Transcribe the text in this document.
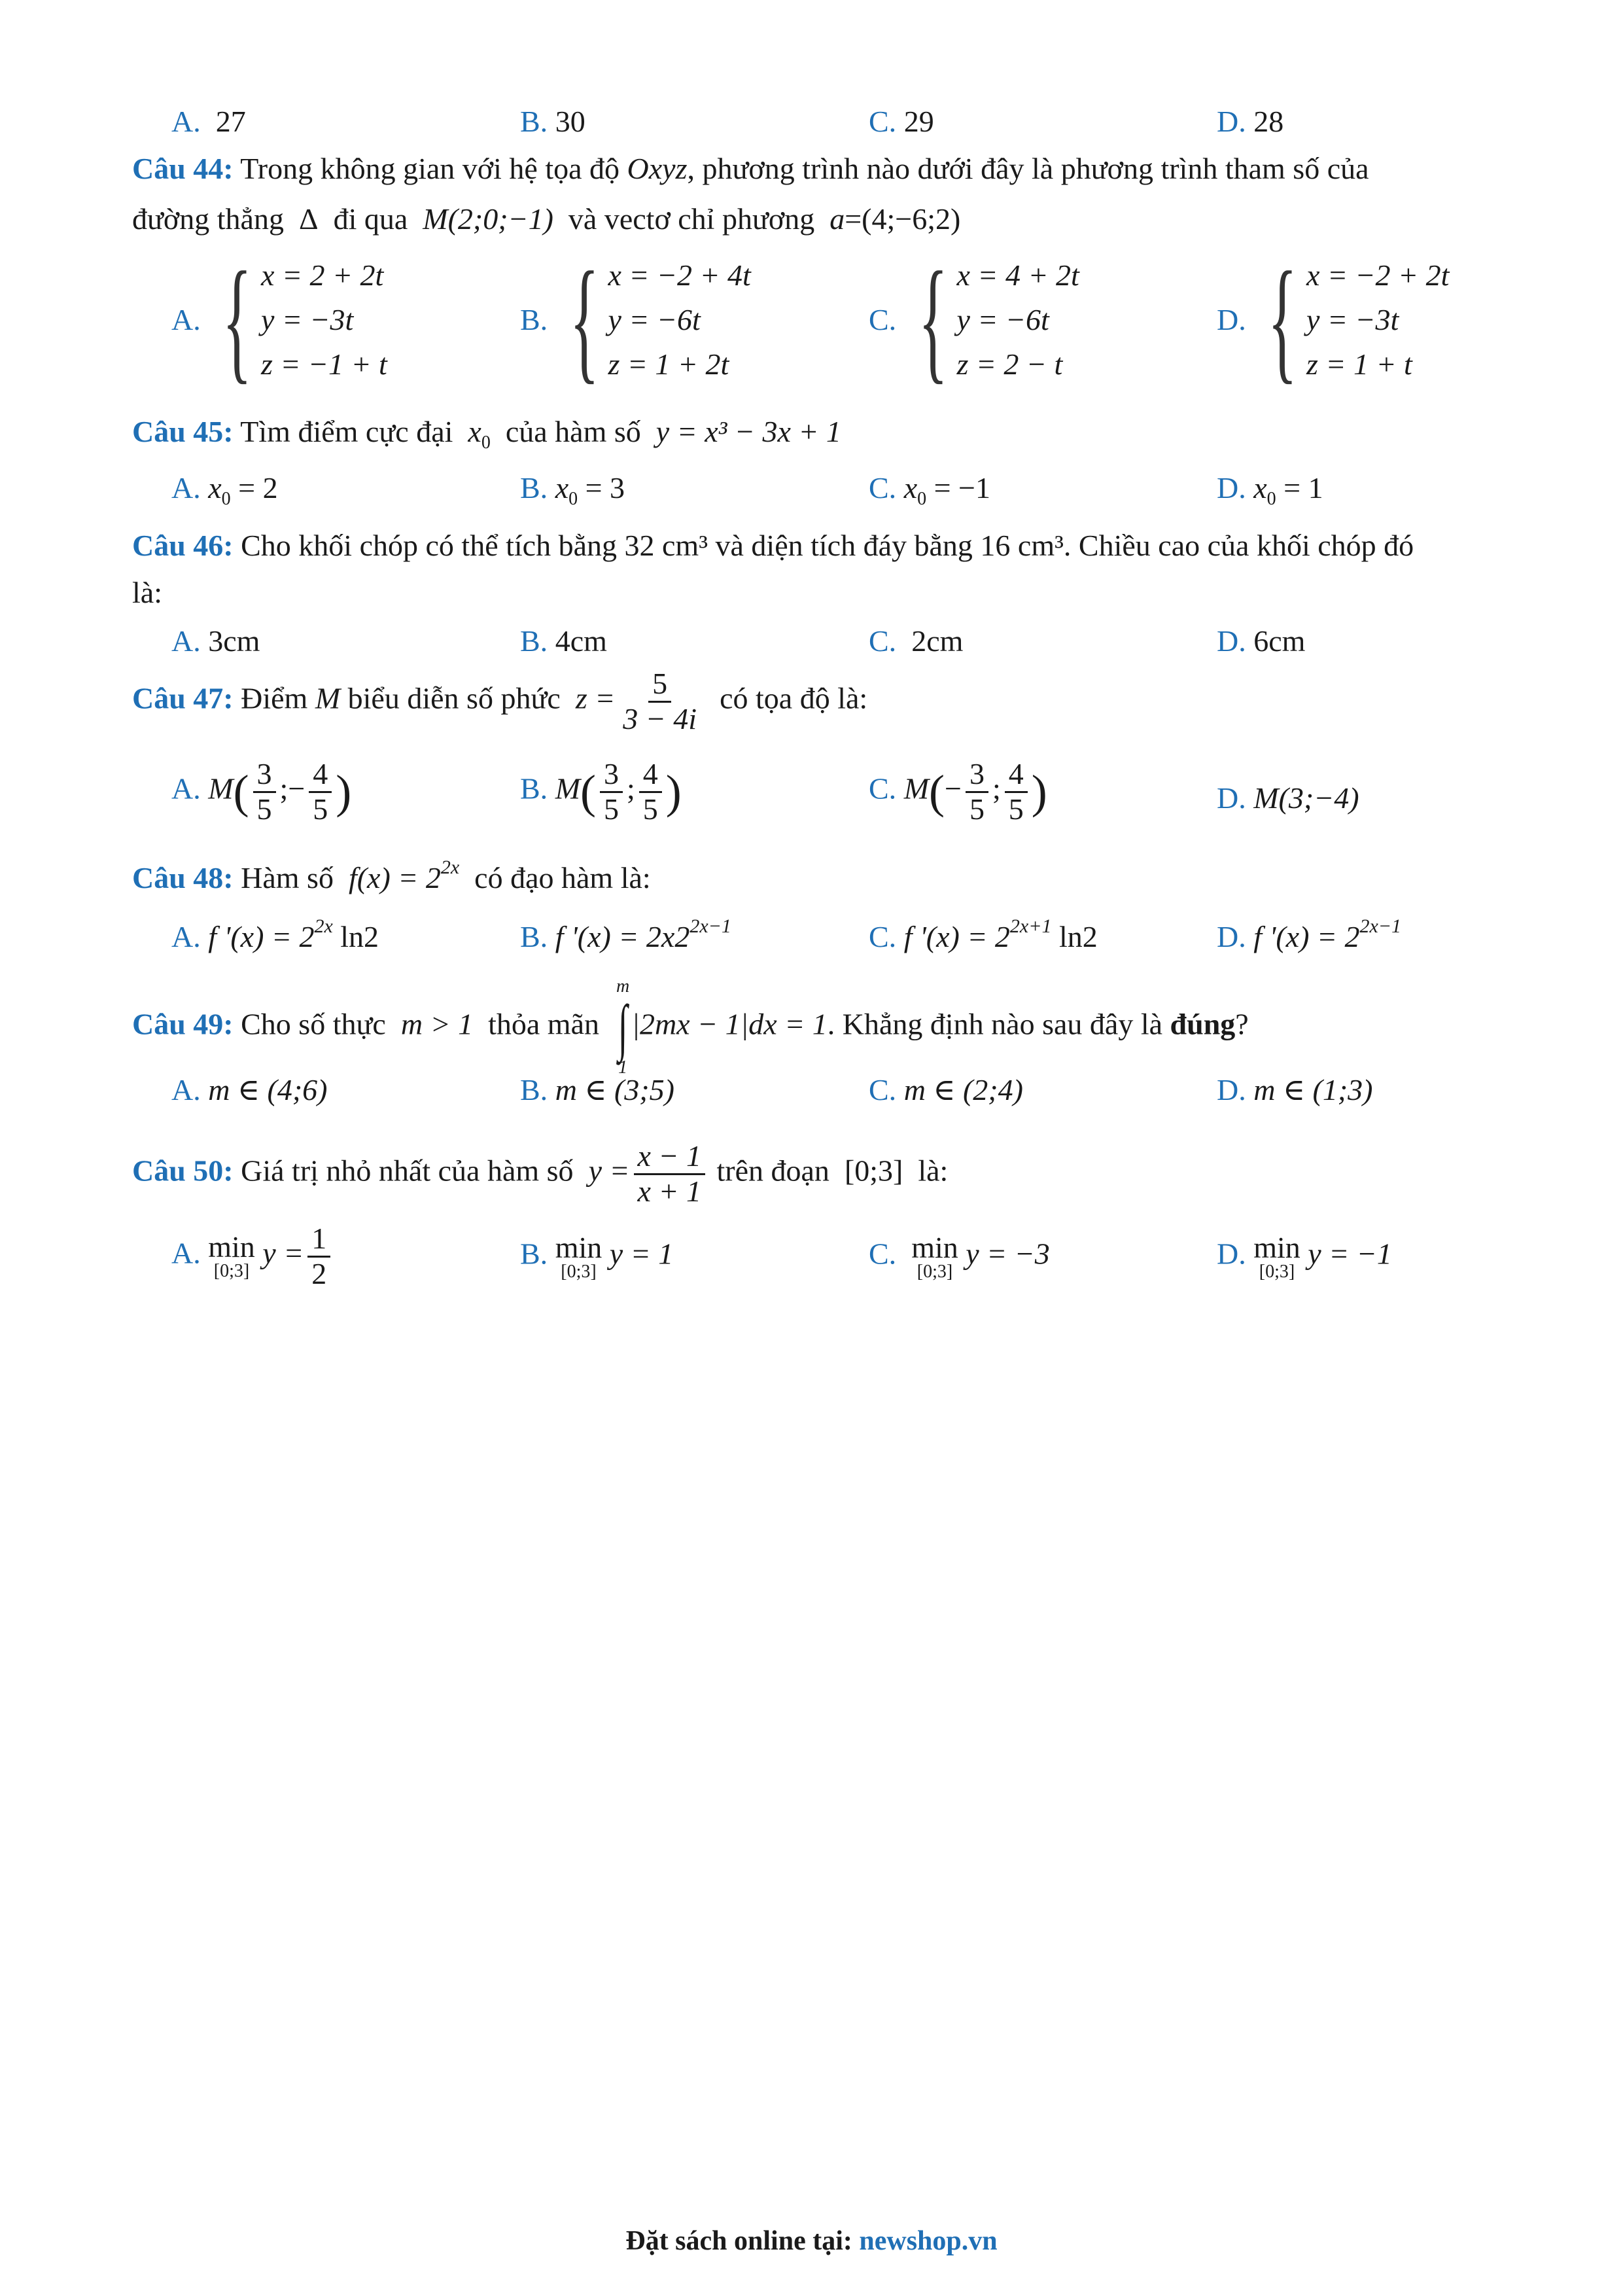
A. 27	B. 30	C. 29	D. 28
Câu 44: Trong không gian với hệ tọa độ Oxyz, phương trình nào dưới đây là phương trình tham số của
đường thẳng Δ đi qua M(2;0;−1) và vectơ chỉ phương a=(4;−6;2)
A. { x = 2 + 2t
y = −3t
z = −1 + t
B. { x = −2 + 4t
y = −6t
z = 1 + 2t
C. { x = 4 + 2t
y = −6t
z = 2 − t
D. { x = −2 + 2t
y = −3t
z = 1 + t
Câu 45: Tìm điểm cực đại $x_0$ của hàm số y = x³ − 3x + 1
A. $x_0 = 2$	B. $x_0 = 3$	C. $x_0 = -1$	D. $x_0 = 1$
Câu 46: Cho khối chóp có thể tích bằng 32 cm³ và diện tích đáy bằng 16 cm³. Chiều cao của khối chóp đó
là:
A. 3cm	B. 4cm	C. 2cm	D. 6cm
Câu 47: Điểm M biểu diễn số phức $z = \frac{5}{3 - 4i}$ có tọa độ là:
A. $M( \frac{3}{5}$ ;− $\frac{4}{5}$ )	B. $M( \frac{3}{5}$ ; $\frac{4}{5}$ )	C. $M(- \frac{3}{5}$ ; $\frac{4}{5}$ )	D. M(3;−4)
Câu 48: Hàm số $f(x) = 2^{2x}$ có đạo hàm là:
A. f '$(x) = 2^{2x}$ ln2	B. f '$(x) = 2x2^{2x-1}$	C. f '$(x) = 2^{2x+1}$ ln2	D. f '$(x) = 2^{2x-1}$
Câu 49: Cho số thực m > 1 thỏa mãn
m
∫
1
|2mx − 1|dx = 1. Khẳng định nào sau đây là đúng?
A. m ∈ (4;6)	B. m ∈ (3;5)	C. m ∈ (2;4)	D. m ∈ (1;3)
Câu 50: Giá trị nhỏ nhất của hàm số $y = \frac{x - 1}{x + 1}$ trên đoạn [0;3] là:
A. min
[0;3]
$y = \frac{1}{2}$	B. min
[0;3]
y = 1	C. min
[0;3]
y = −3	D. min
[0;3]
y = −1
Đặt sách online tại: newshop.vn
